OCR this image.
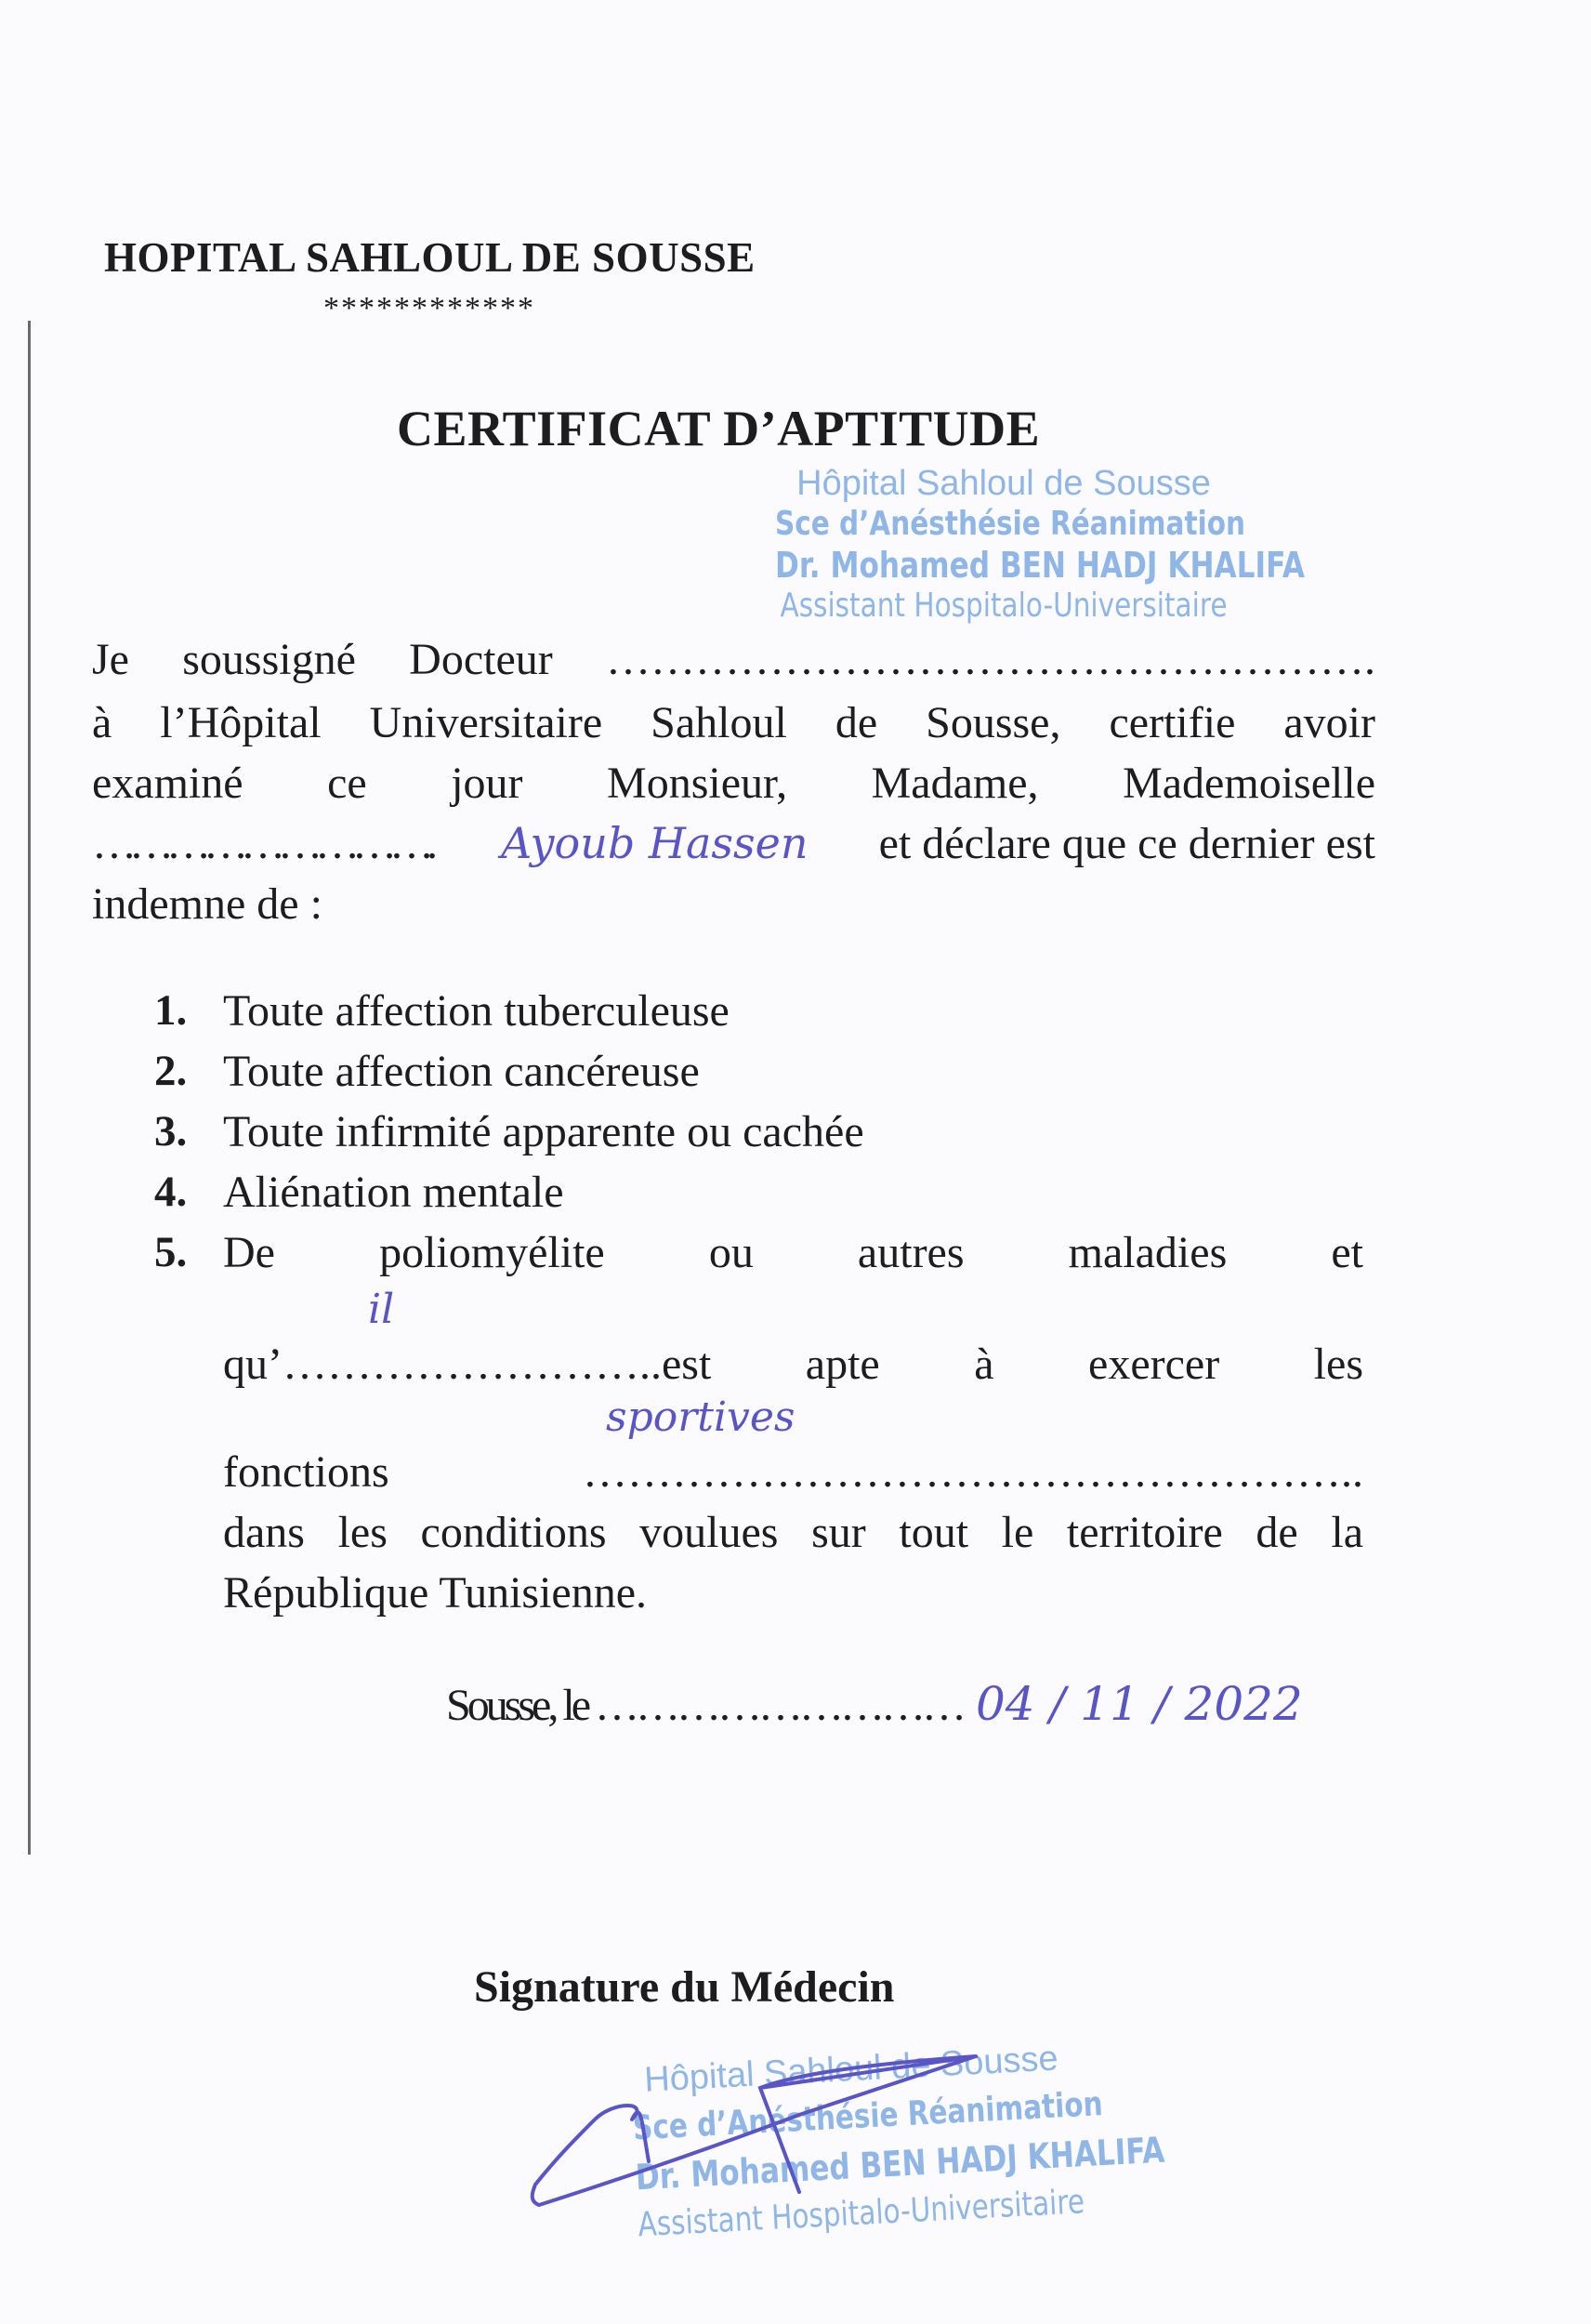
HOPITAL SAHLOUL DE SOUSSE
************
CERTIFICAT D’APTITUDE
Hôpital Sahloul de Sousse
Sce d’Anésthésie Réanimation
Dr. Mohamed BEN HADJ KHALIFA
Assistant Hospitalo-Universitaire
Je soussigné Docteur …………………………………………….
à l’Hôpital Universitaire Sahloul de Sousse, certifie avoir
examiné ce jour Monsieur, Madame, Mademoiselle
………………………. Ayoub Hassen et déclare que ce dernier est
indemne de :
1. Toute affection tuberculeuse
2. Toute affection cancéreuse
3. Toute infirmité apparente ou cachée
4. Aliénation mentale
5. De poliomyélite ou autres maladies et
il
qu’……………………..est apte à exercer les
sportives
fonctions ……………………………………………..
dans les conditions voulues sur tout le territoire de la
République Tunisienne.
Sousse, le ……………………… 04 / 11 / 2022
Signature du Médecin
Hôpital Sahloul de Sousse
Sce d’Anésthésie Réanimation
Dr. Mohamed BEN HADJ KHALIFA
Assistant Hospitalo-Universitaire
